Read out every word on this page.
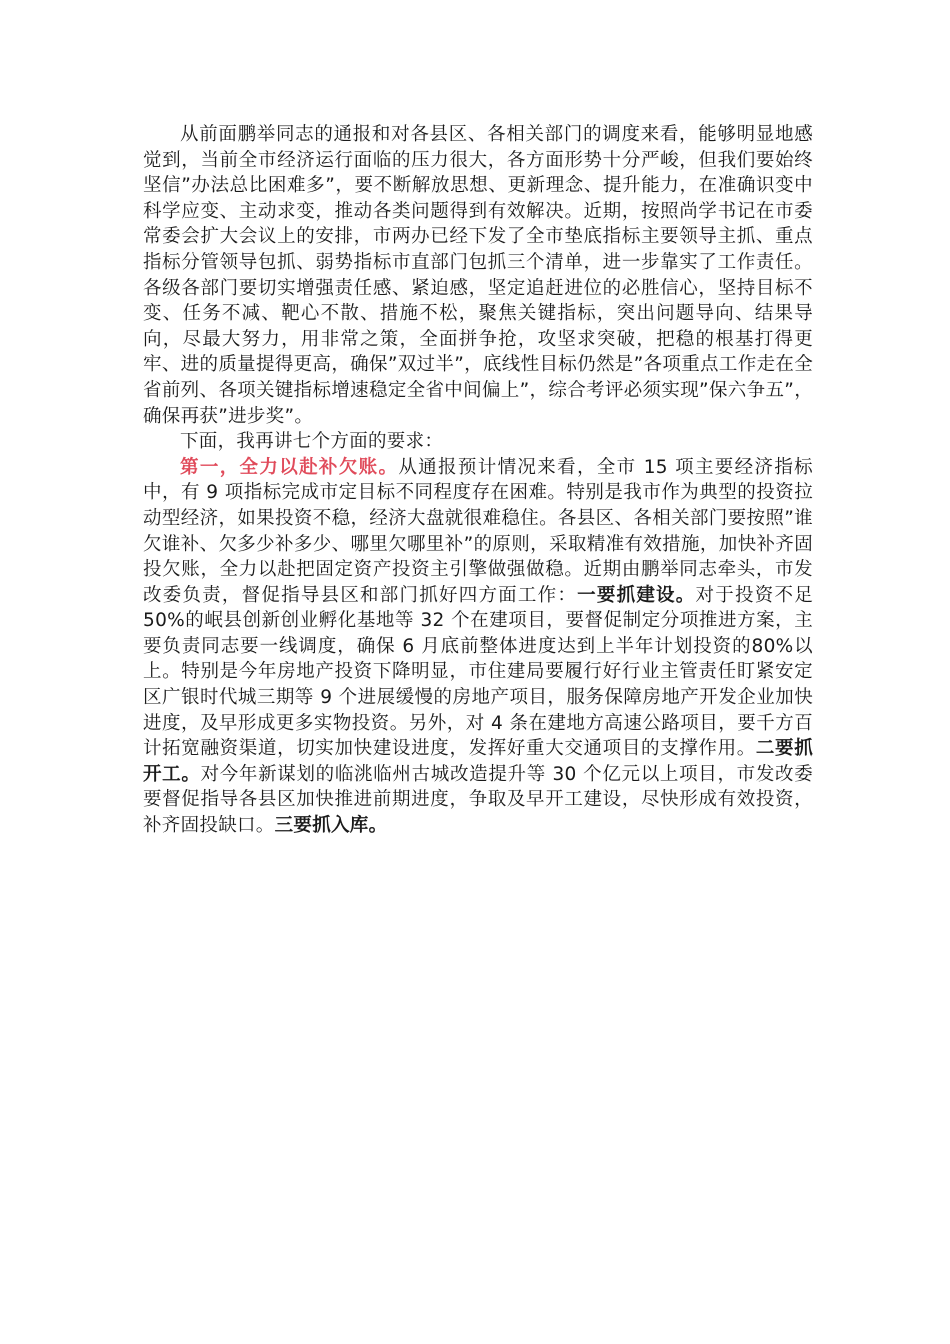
从前面鹏举同志的通报和对各县区、各相关部门的调度来看，能够明显地感觉到，当前全市经济运行面临的压力很大，各方面形势十分严峻，但我们要始终坚信”办法总比困难多”，要不断解放思想、更新理念、提升能力，在准确识变中科学应变、主动求变，推动各类问题得到有效解决。近期，按照尚学书记在市委常委会扩大会议上的安排，市两办已经下发了全市垫底指标主要领导主抓、重点指标分管领导包抓、弱势指标市直部门包抓三个清单，进一步靠实了工作责任。各级各部门要切实增强责任感、紧迫感，坚定追赶进位的必胜信心，坚持目标不变、任务不减、靶心不散、措施不松，聚焦关键指标，突出问题导向、结果导向，尽最大努力，用非常之策，全面拼争抢，攻坚求突破，把稳的根基打得更牢、进的质量提得更高，确保”双过半”，底线性目标仍然是”各项重点工作走在全省前列、各项关键指标增速稳定全省中间偏上”，综合考评必须实现”保六争五”，确保再获”进步奖”。

下面，我再讲七个方面的要求：

第一，全力以赴补欠账。从通报预计情况来看，全市 15 项主要经济指标中，有 9 项指标完成市定目标不同程度存在困难。特别是我市作为典型的投资拉动型经济，如果投资不稳，经济大盘就很难稳住。各县区、各相关部门要按照”谁欠谁补、欠多少补多少、哪里欠哪里补”的原则，采取精准有效措施，加快补齐固投欠账，全力以赴把固定资产投资主引擎做强做稳。近期由鹏举同志牵头，市发改委负责，督促指导县区和部门抓好四方面工作：一要抓建设。对于投资不足 50%的岷县创新创业孵化基地等 32 个在建项目，要督促制定分项推进方案，主要负责同志要一线调度，确保 6 月底前整体进度达到上半年计划投资的80%以上。特别是今年房地产投资下降明显，市住建局要履行好行业主管责任盯紧安定区广银时代城三期等 9 个进展缓慢的房地产项目，服务保障房地产开发企业加快进度，及早形成更多实物投资。另外，对 4 条在建地方高速公路项目，要千方百计拓宽融资渠道，切实加快建设进度，发挥好重大交通项目的支撑作用。二要抓开工。对今年新谋划的临洮临州古城改造提升等 30 个亿元以上项目，市发改委要督促指导各县区加快推进前期进度，争取及早开工建设，尽快形成有效投资，补齐固投缺口。三要抓入库。
